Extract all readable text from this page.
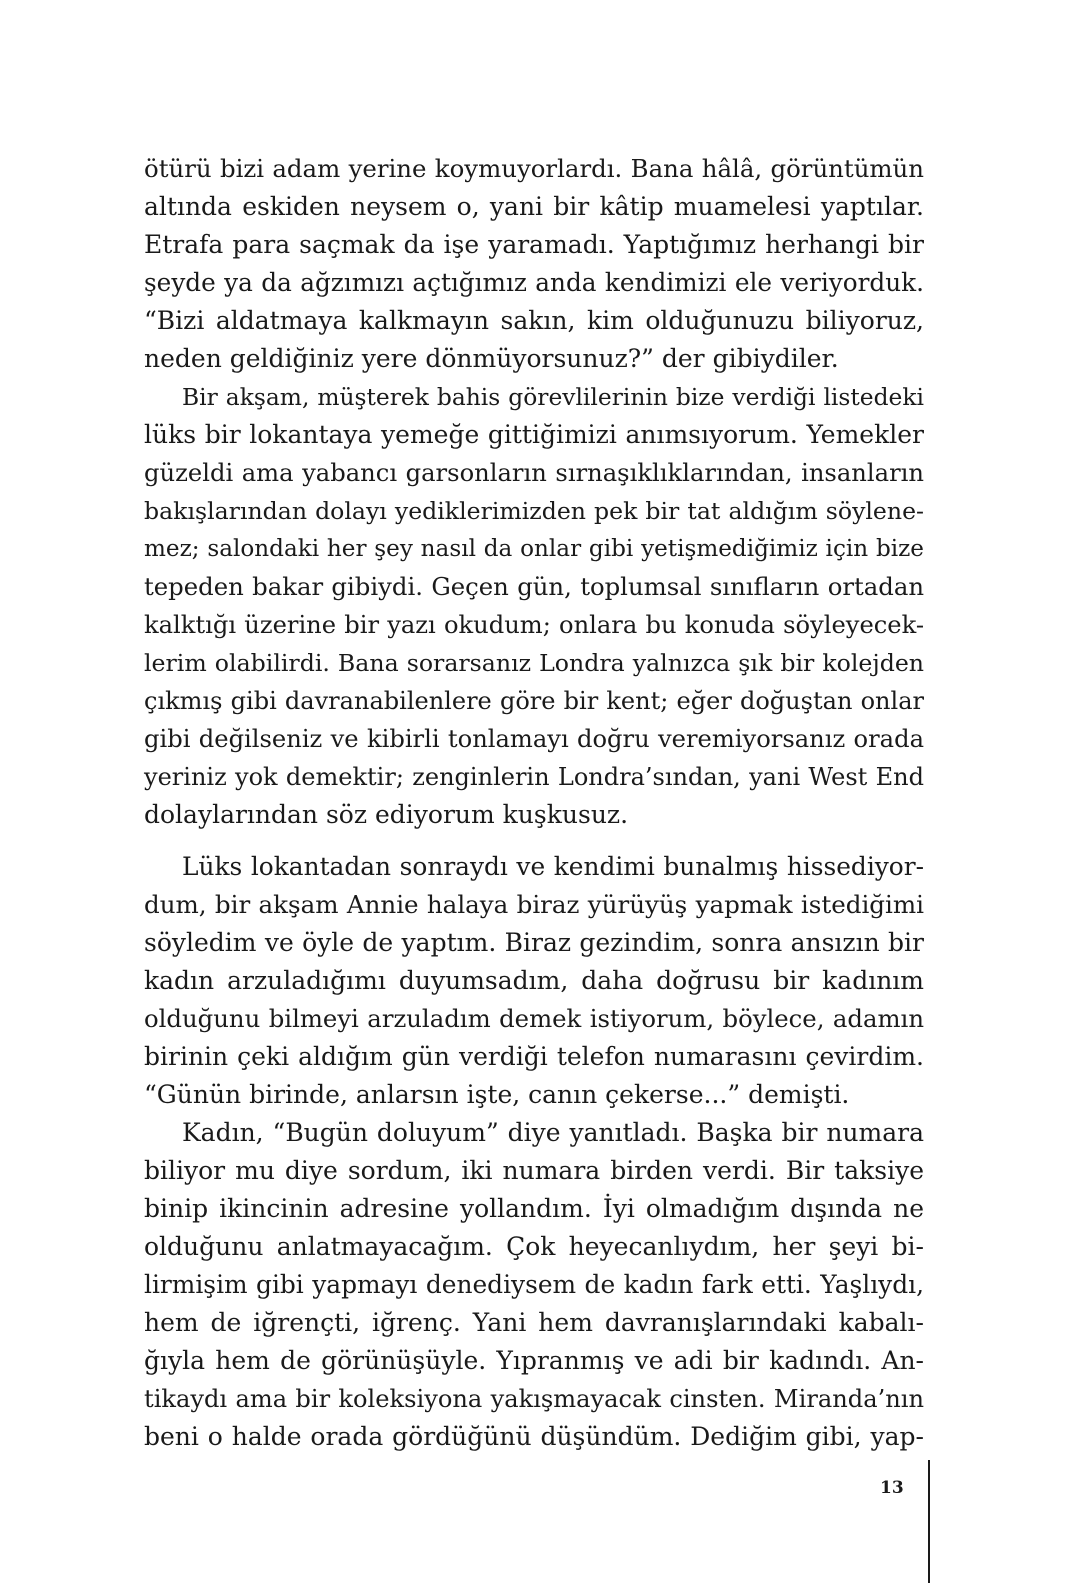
ötürü bizi adam yerine koymuyorlardı. Bana hâlâ, görüntümün
altında eskiden neysem o, yani bir kâtip muamelesi yaptılar.
Etrafa para saçmak da işe yaramadı. Yaptığımız herhangi bir
şeyde ya da ağzımızı açtığımız anda kendimizi ele veriyorduk.
“Bizi aldatmaya kalkmayın sakın, kim olduğunuzu biliyoruz,
neden geldiğiniz yere dönmüyorsunuz?” der gibiydiler.
Bir akşam, müşterek bahis görevlilerinin bize verdiği listedeki
lüks bir lokantaya yemeğe gittiğimizi anımsıyorum. Yemekler
güzeldi ama yabancı garsonların sırnaşıklıklarından, insanların
bakışlarından dolayı yediklerimizden pek bir tat aldığım söylene-
mez; salondaki her şey nasıl da onlar gibi yetişmediğimiz için bize
tepeden bakar gibiydi. Geçen gün, toplumsal sınıfların ortadan
kalktığı üzerine bir yazı okudum; onlara bu konuda söyleyecek-
lerim olabilirdi. Bana sorarsanız Londra yalnızca şık bir kolejden
çıkmış gibi davranabilenlere göre bir kent; eğer doğuştan onlar
gibi değilseniz ve kibirli tonlamayı doğru veremiyorsanız orada
yeriniz yok demektir; zenginlerin Londra’sından, yani West End
dolaylarından söz ediyorum kuşkusuz.
Lüks lokantadan sonraydı ve kendimi bunalmış hissediyor-
dum, bir akşam Annie halaya biraz yürüyüş yapmak istediğimi
söyledim ve öyle de yaptım. Biraz gezindim, sonra ansızın bir
kadın arzuladığımı duyumsadım, daha doğrusu bir kadınım
olduğunu bilmeyi arzuladım demek istiyorum, böylece, adamın
birinin çeki aldığım gün verdiği telefon numarasını çevirdim.
“Günün birinde, anlarsın işte, canın çekerse...” demişti.
Kadın, “Bugün doluyum” diye yanıtladı. Başka bir numara
biliyor mu diye sordum, iki numara birden verdi. Bir taksiye
binip ikincinin adresine yollandım. İyi olmadığım dışında ne
olduğunu anlatmayacağım. Çok heyecanlıydım, her şeyi bi-
lirmişim gibi yapmayı denediysem de kadın fark etti. Yaşlıydı,
hem de iğrençti, iğrenç. Yani hem davranışlarındaki kabalı-
ğıyla hem de görünüşüyle. Yıpranmış ve adi bir kadındı. An-
tikaydı ama bir koleksiyona yakışmayacak cinsten. Miranda’nın
beni o halde orada gördüğünü düşündüm. Dediğim gibi, yap-
13
